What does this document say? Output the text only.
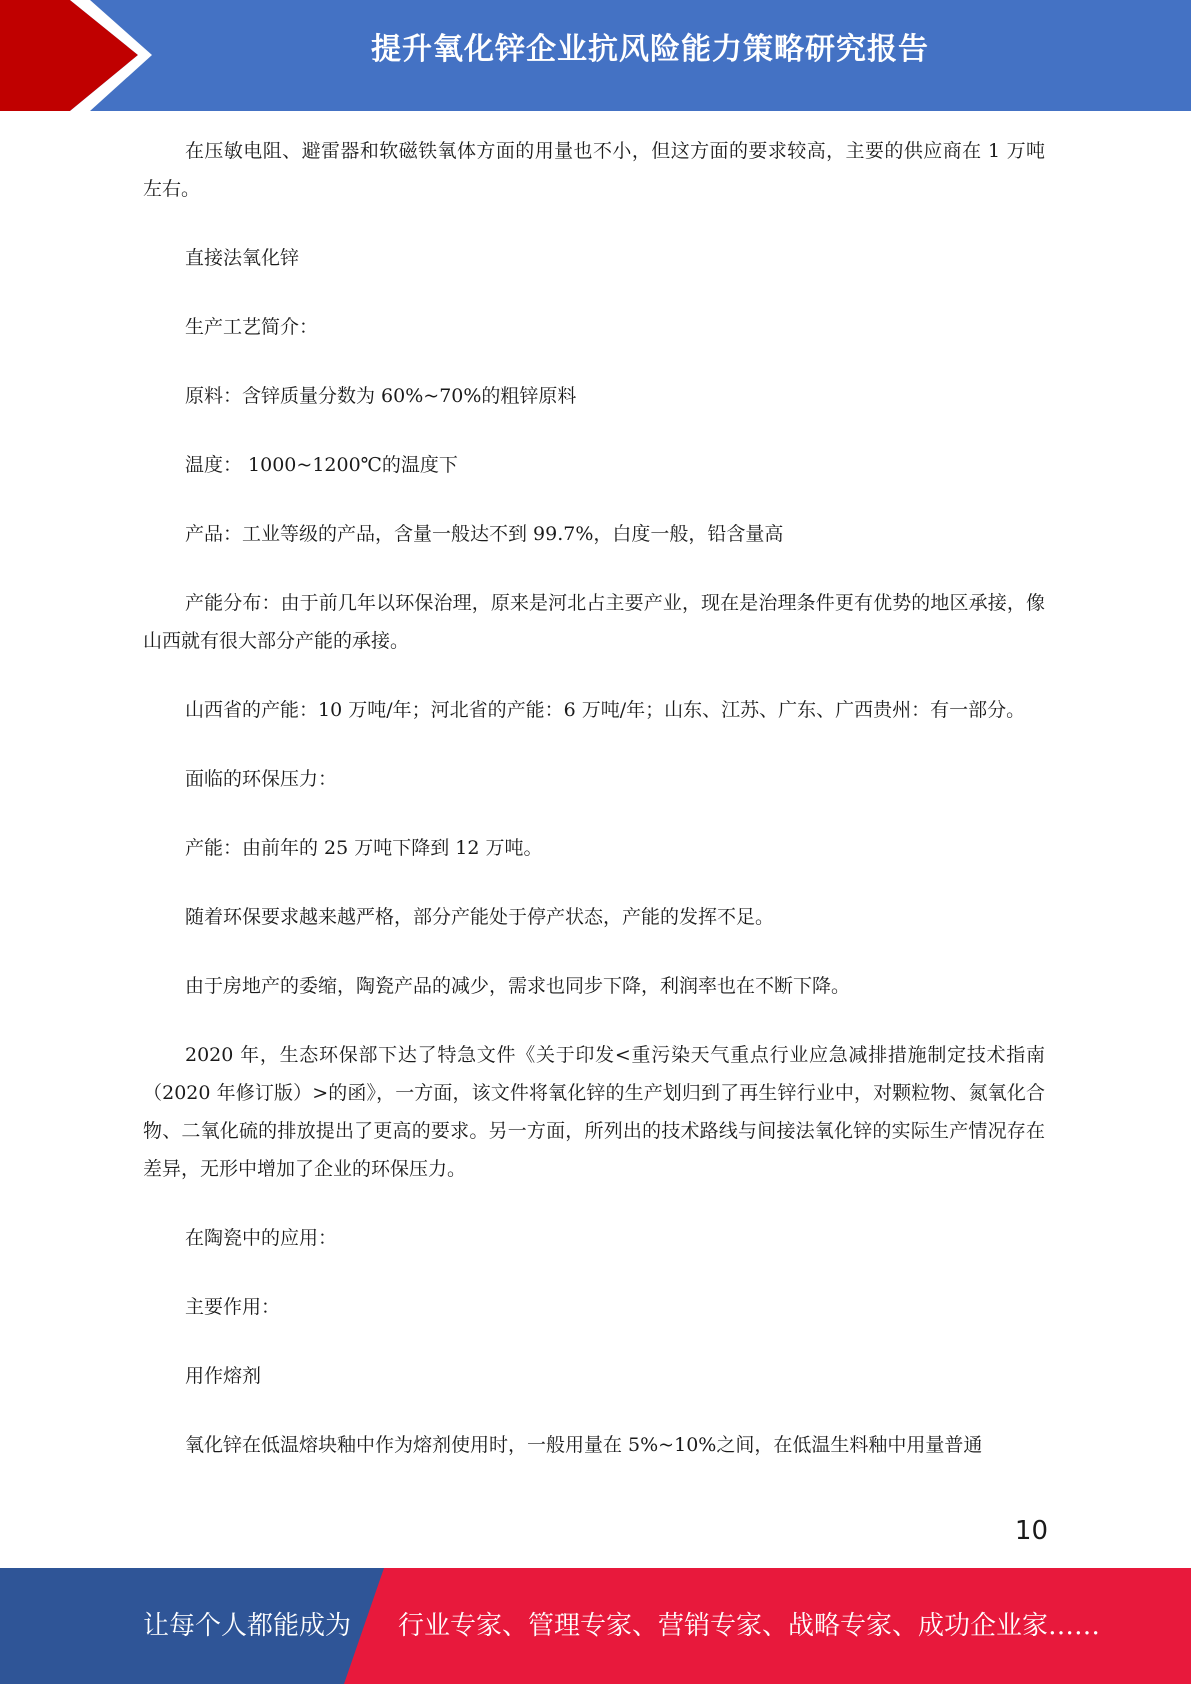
提升氧化锌企业抗风险能力策略研究报告

在压敏电阻、避雷器和软磁铁氧体方面的用量也不小，但这方面的要求较高，主要的供应商在 1 万吨左右。

直接法氧化锌

生产工艺简介：

原料：含锌质量分数为 60%~70%的粗锌原料

温度： 1000~1200℃的温度下

产品：工业等级的产品，含量一般达不到 99.7%，白度一般，铅含量高

产能分布：由于前几年以环保治理，原来是河北占主要产业，现在是治理条件更有优势的地区承接，像山西就有很大部分产能的承接。

山西省的产能：10 万吨/年；河北省的产能：6 万吨/年；山东、江苏、广东、广西贵州：有一部分。

面临的环保压力：

产能：由前年的 25 万吨下降到 12 万吨。

随着环保要求越来越严格，部分产能处于停产状态，产能的发挥不足。

由于房地产的委缩，陶瓷产品的减少，需求也同步下降，利润率也在不断下降。

2020 年，生态环保部下达了特急文件《关于印发<重污染天气重点行业应急减排措施制定技术指南（2020 年修订版）>的函》，一方面，该文件将氧化锌的生产划归到了再生锌行业中，对颗粒物、氮氧化合物、二氧化硫的排放提出了更高的要求。另一方面，所列出的技术路线与间接法氧化锌的实际生产情况存在差异，无形中增加了企业的环保压力。

在陶瓷中的应用：

主要作用：

用作熔剂

氧化锌在低温熔块釉中作为熔剂使用时，一般用量在 5%~10%之间，在低温生料釉中用量普通

10
让每个人都能成为 行业专家、管理专家、营销专家、战略专家、成功企业家……
